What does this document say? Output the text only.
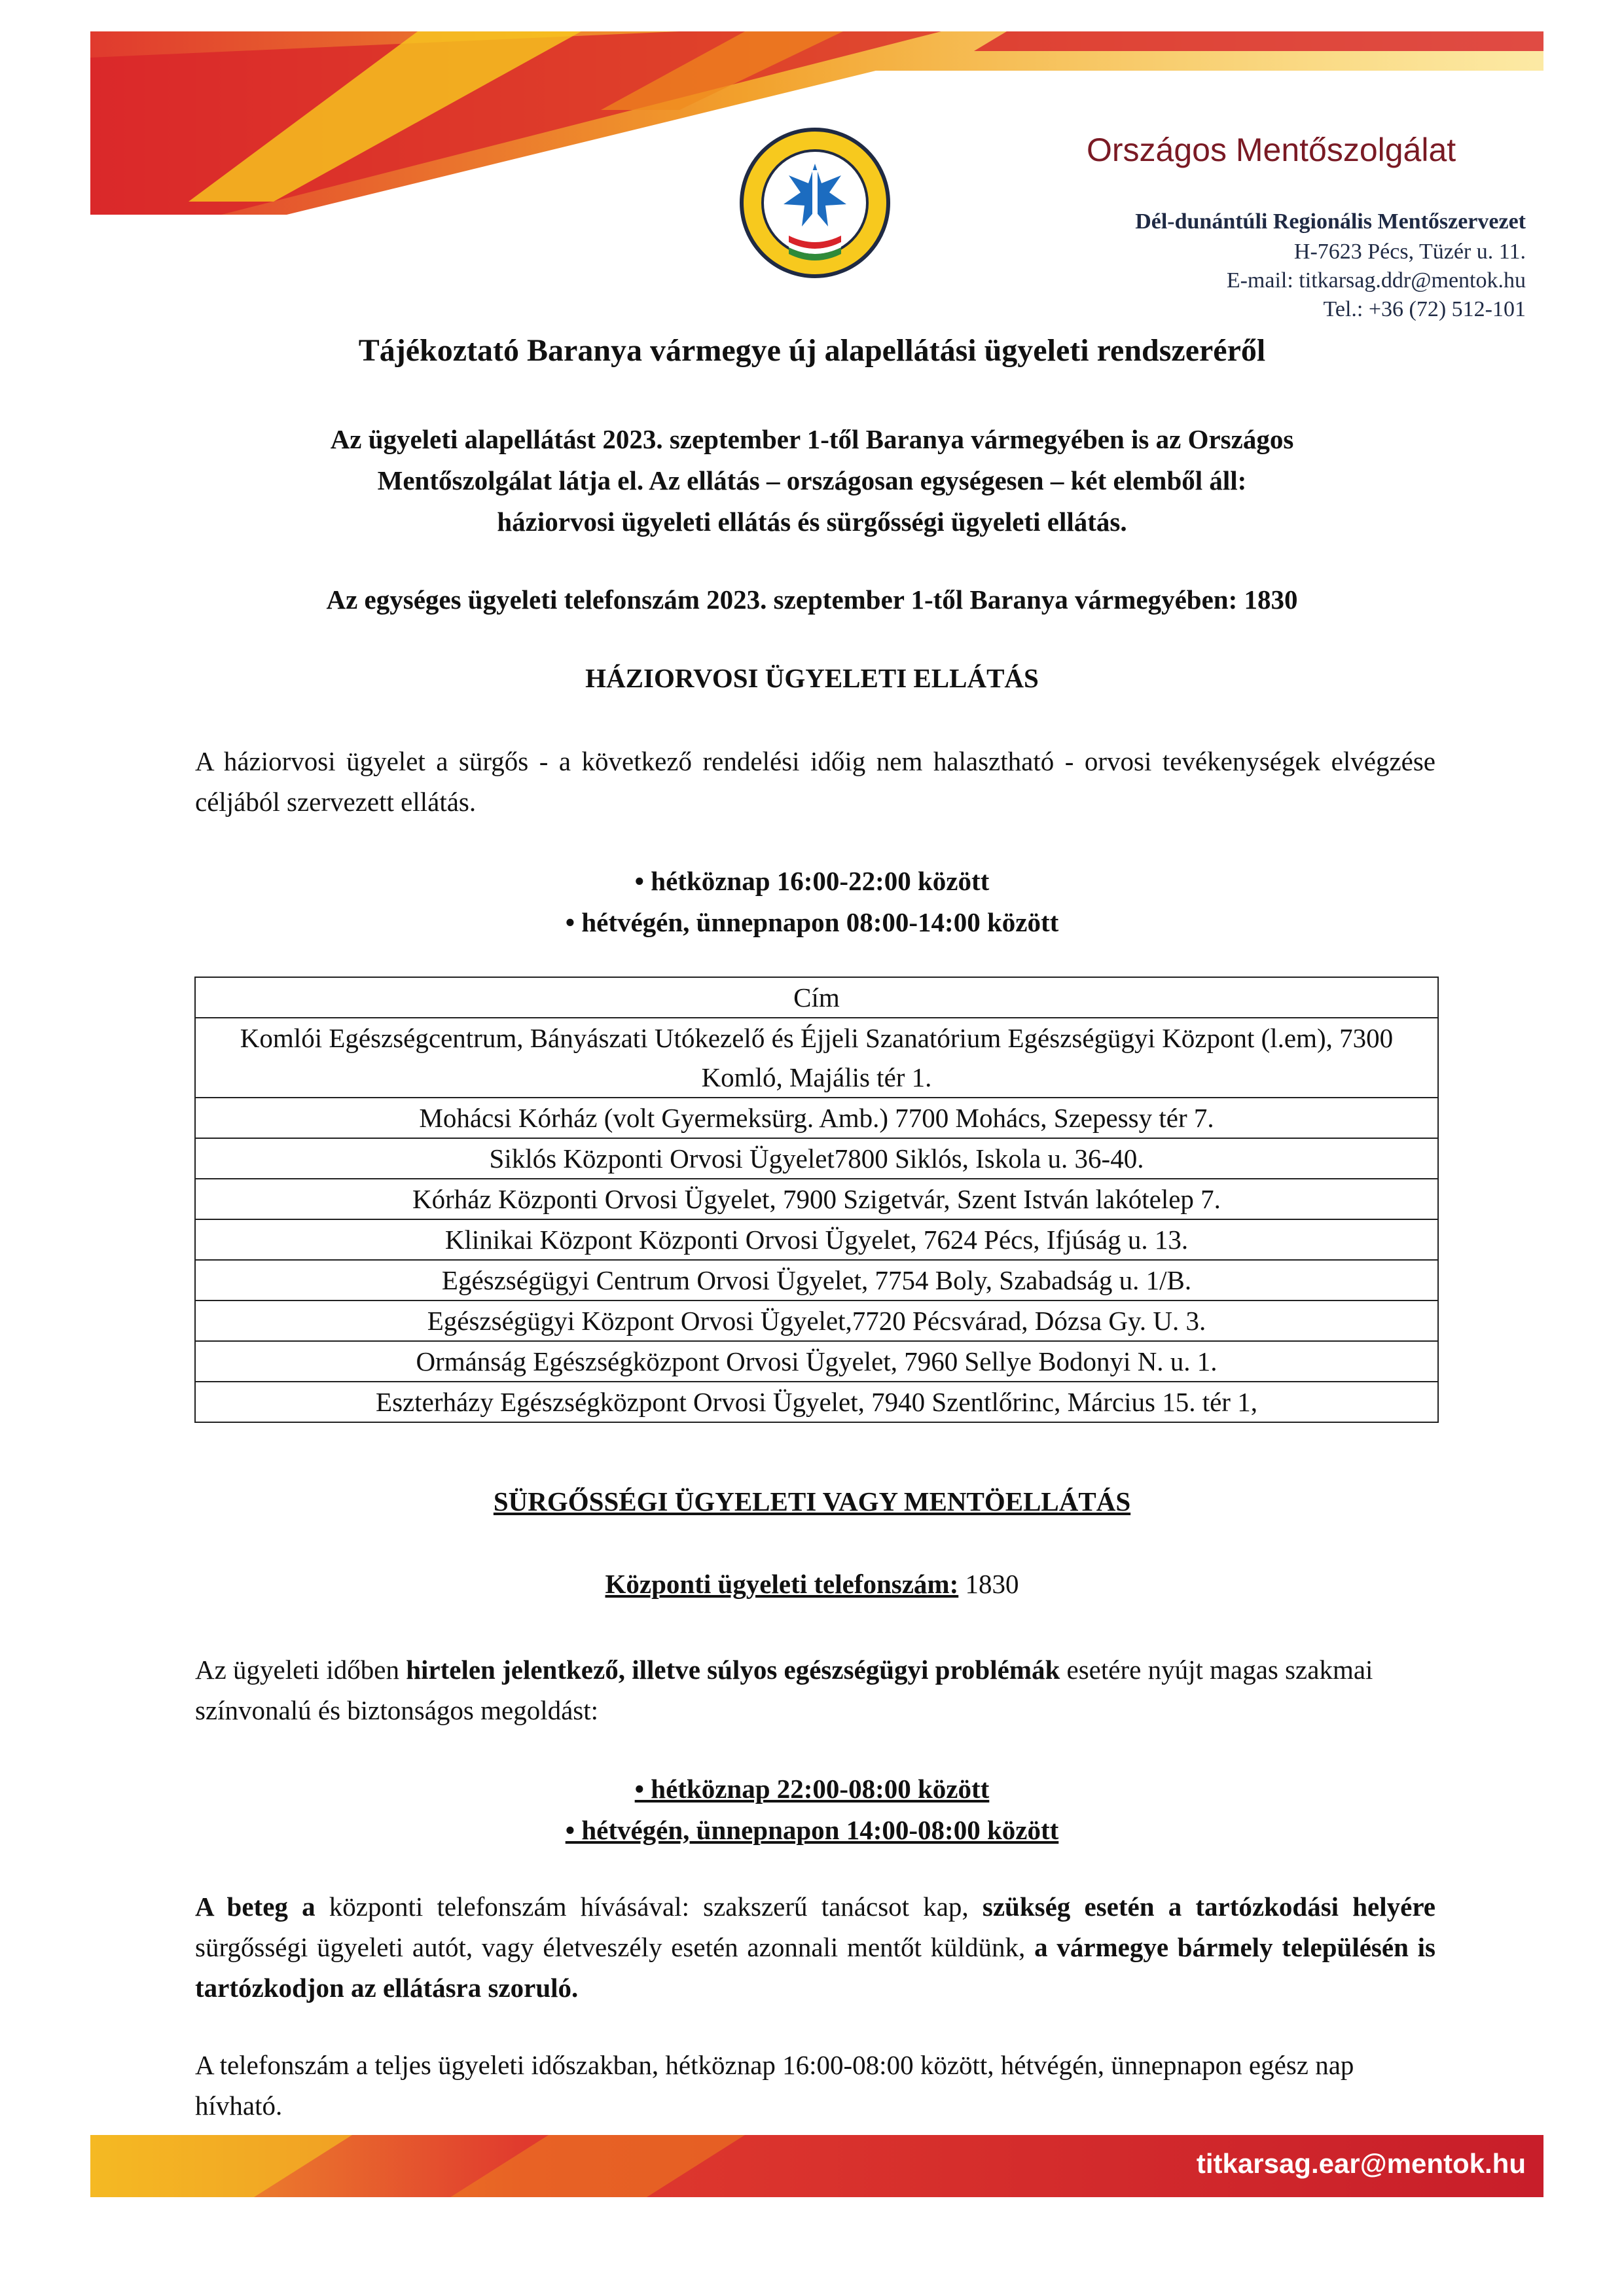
Országos Mentőszolgálat
Dél-dunántúli Regionális Mentőszervezet
H-7623 Pécs, Tüzér u. 11.
E-mail: titkarsag.ddr@mentok.hu
Tel.: +36 (72) 512-101
Tájékoztató Baranya vármegye új alapellátási ügyeleti rendszeréről
Az ügyeleti alapellátást 2023. szeptember 1-től Baranya vármegyében is az Országos
Mentőszolgálat látja el. Az ellátás – országosan egységesen – két elemből áll:
háziorvosi ügyeleti ellátás és sürgősségi ügyeleti ellátás.
Az egységes ügyeleti telefonszám 2023. szeptember 1-től Baranya vármegyében: 1830
HÁZIORVOSI ÜGYELETI ELLÁTÁS
A háziorvosi ügyelet a sürgős - a következő rendelési időig nem halasztható - orvosi tevékenységek elvégzése céljából szervezett ellátás.
• hétköznap 16:00-22:00 között
• hétvégén, ünnepnapon 08:00-14:00 között
Cím
Komlói Egészségcentrum, Bányászati Utókezelő és Éjjeli Szanatórium Egészségügyi Központ (l.em), 7300 Komló, Majális tér 1.
Mohácsi Kórház (volt Gyermeksürg. Amb.) 7700 Mohács, Szepessy tér 7.
Siklós Központi Orvosi Ügyelet7800 Siklós, Iskola u. 36-40.
Kórház Központi Orvosi Ügyelet, 7900 Szigetvár, Szent István lakótelep 7.
Klinikai Központ Központi Orvosi Ügyelet, 7624 Pécs, Ifjúság u. 13.
Egészségügyi Centrum Orvosi Ügyelet, 7754 Boly, Szabadság u. 1/B.
Egészségügyi Központ Orvosi Ügyelet,7720 Pécsvárad, Dózsa Gy. U. 3.
Ormánság Egészségközpont Orvosi Ügyelet, 7960 Sellye Bodonyi N. u. 1.
Eszterházy Egészségközpont Orvosi Ügyelet, 7940 Szentlőrinc, Március 15. tér 1,
SÜRGŐSSÉGI ÜGYELETI VAGY MENTÖELLÁTÁS
Központi ügyeleti telefonszám: 1830
Az ügyeleti időben hirtelen jelentkező, illetve súlyos egészségügyi problémák esetére nyújt magas szakmai színvonalú és biztonságos megoldást:
• hétköznap 22:00-08:00 között
• hétvégén, ünnepnapon 14:00-08:00 között
A beteg a központi telefonszám hívásával: szakszerű tanácsot kap, szükség esetén a tartózkodási helyére sürgősségi ügyeleti autót, vagy életveszély esetén azonnali mentőt küldünk, a vármegye bármely településén is tartózkodjon az ellátásra szoruló.
A telefonszám a teljes ügyeleti időszakban, hétköznap 16:00-08:00 között, hétvégén, ünnepnapon egész nap hívható.
titkarsag.ear@mentok.hu
